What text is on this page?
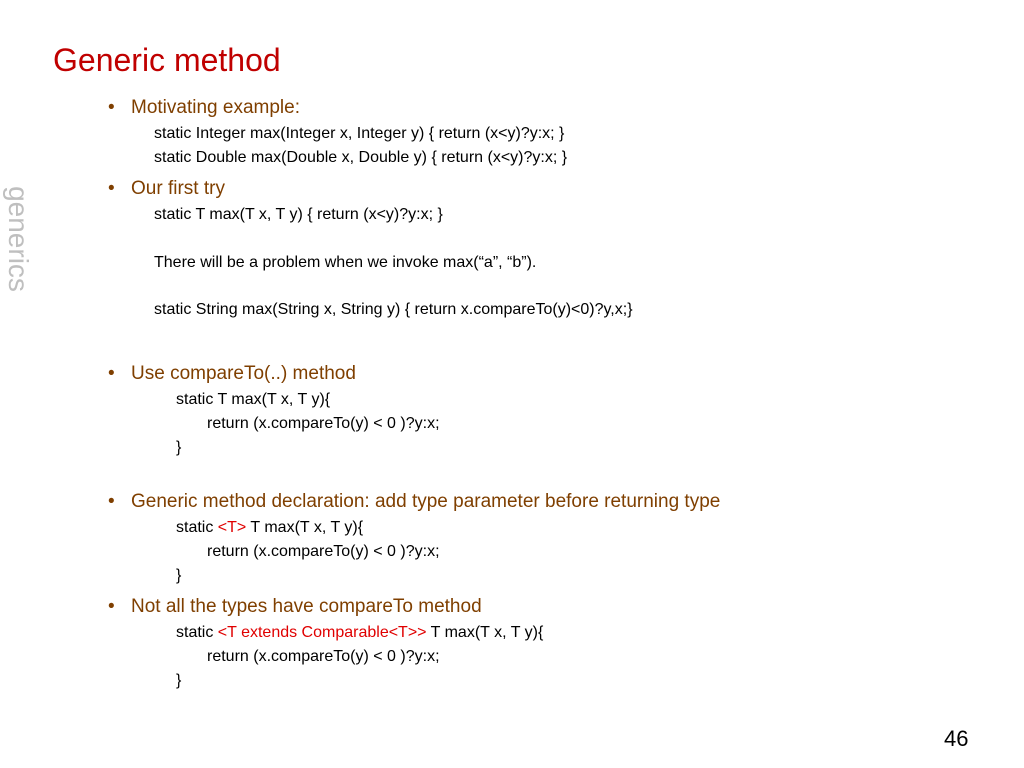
Generic method
generics
• Motivating example:
static Integer max(Integer x, Integer y) { return (x<y)?y:x; }
static Double max(Double x, Double y) { return (x<y)?y:x; }
• Our first try
static T max(T x, T y) { return (x<y)?y:x; }
There will be a problem when we invoke max(“a”, “b”).
static String max(String x, String y) { return x.compareTo(y)<0)?y,x;}
• Use compareTo(..) method
static T max(T x, T y){
return (x.compareTo(y) < 0 )?y:x;
}
• Generic method declaration: add type parameter before returning type
static <T> T max(T x, T y){
return (x.compareTo(y) < 0 )?y:x;
}
• Not all the types have compareTo method
static <T extends Comparable<T>> T max(T x, T y){
return (x.compareTo(y) < 0 )?y:x;
}
46
